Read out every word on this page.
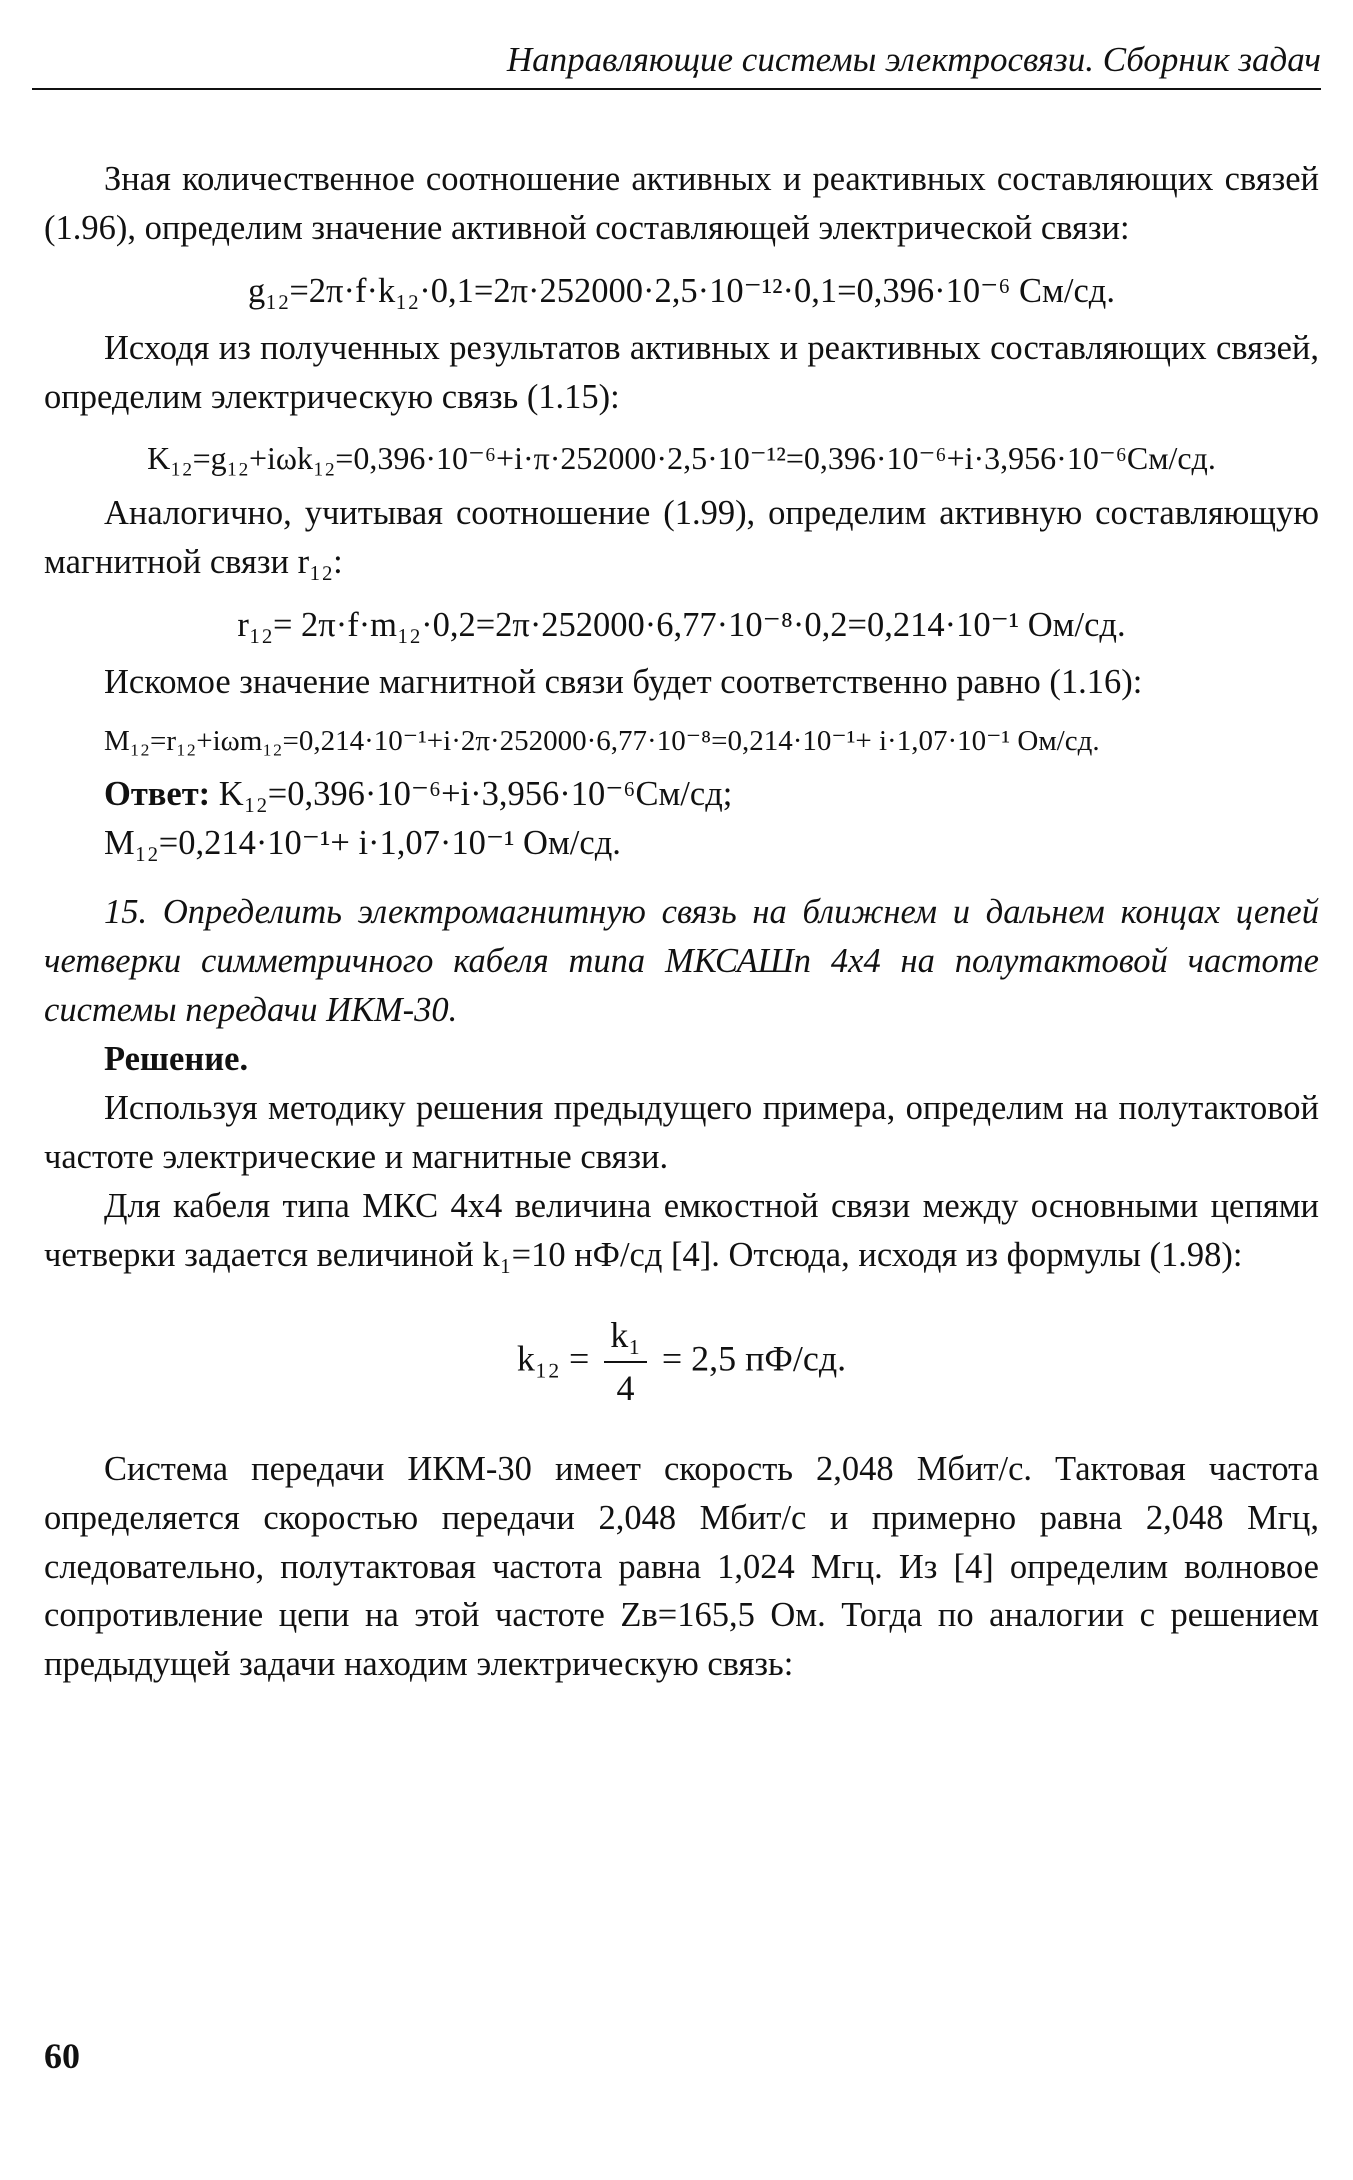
Направляющие системы электросвязи. Сборник задач

Зная количественное соотношение активных и реактивных составляющих связей (1.96), определим значение активной составляющей электрической связи:

g₁₂=2π·f·k₁₂·0,1=2π·252000·2,5·10⁻¹²·0,1=0,396·10⁻⁶ См/сд.

Исходя из полученных результатов активных и реактивных составляющих связей, определим электрическую связь (1.15):

K₁₂=g₁₂+iωk₁₂=0,396·10⁻⁶+i·π·252000·2,5·10⁻¹²=0,396·10⁻⁶+i·3,956·10⁻⁶См/сд.

Аналогично, учитывая соотношение (1.99), определим активную составляющую магнитной связи r₁₂:

r₁₂= 2π·f·m₁₂·0,2=2π·252000·6,77·10⁻⁸·0,2=0,214·10⁻¹ Ом/сд.

Искомое значение магнитной связи будет соответственно равно (1.16):

M₁₂=r₁₂+iωm₁₂=0,214·10⁻¹+i·2π·252000·6,77·10⁻⁸=0,214·10⁻¹+ i·1,07·10⁻¹ Ом/сд.

Ответ: K₁₂=0,396·10⁻⁶+i·3,956·10⁻⁶См/сд;

M₁₂=0,214·10⁻¹+ i·1,07·10⁻¹ Ом/сд.

15. Определить электромагнитную связь на ближнем и дальнем концах цепей четверки симметричного кабеля типа МКСАШп 4х4 на полутактовой частоте системы передачи ИКМ-30.

Решение.

Используя методику решения предыдущего примера, определим на полутактовой частоте электрические и магнитные связи.

Для кабеля типа МКС 4х4 величина емкостной связи между основными цепями четверки задается величиной k₁=10 нФ/сд [4]. Отсюда, исходя из формулы (1.98):

$k_{12} = \frac{\text{k₁}}{4} = 2,5$ пФ/сд.

Система передачи ИКМ-30 имеет скорость 2,048 Мбит/с. Тактовая частота определяется скоростью передачи 2,048 Мбит/с и примерно равна 2,048 Мгц, следовательно, полутактовая частота равна 1,024 Мгц. Из [4] определим волновое сопротивление цепи на этой частоте Zв=165,5 Ом. Тогда по аналогии с решением предыдущей задачи находим электрическую связь:

60
